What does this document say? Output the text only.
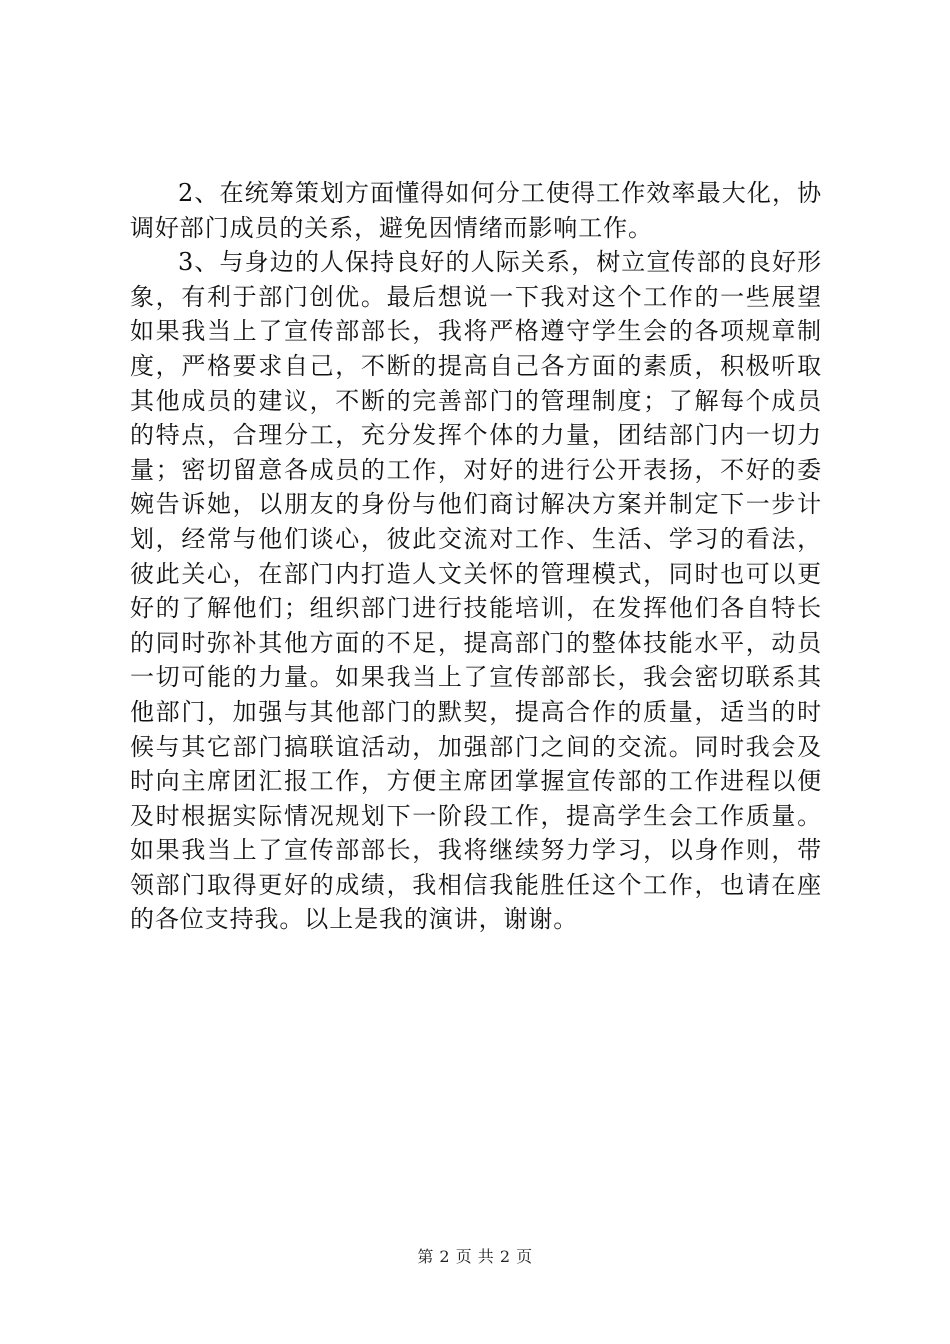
2、在统筹策划方面懂得如何分工使得工作效率最大化，协调好部门成员的关系，避免因情绪而影响工作。

3、与身边的人保持良好的人际关系，树立宣传部的良好形象，有利于部门创优。最后想说一下我对这个工作的一些展望如果我当上了宣传部部长，我将严格遵守学生会的各项规章制度，严格要求自己，不断的提高自己各方面的素质，积极听取其他成员的建议，不断的完善部门的管理制度；了解每个成员的特点，合理分工，充分发挥个体的力量，团结部门内一切力量；密切留意各成员的工作，对好的进行公开表扬，不好的委婉告诉她，以朋友的身份与他们商讨解决方案并制定下一步计划，经常与他们谈心，彼此交流对工作、生活、学习的看法，彼此关心，在部门内打造人文关怀的管理模式，同时也可以更好的了解他们；组织部门进行技能培训，在发挥他们各自特长的同时弥补其他方面的不足，提高部门的整体技能水平，动员一切可能的力量。如果我当上了宣传部部长，我会密切联系其他部门，加强与其他部门的默契，提高合作的质量，适当的时候与其它部门搞联谊活动，加强部门之间的交流。同时我会及时向主席团汇报工作，方便主席团掌握宣传部的工作进程以便及时根据实际情况规划下一阶段工作，提高学生会工作质量。如果我当上了宣传部部长，我将继续努力学习，以身作则，带领部门取得更好的成绩，我相信我能胜任这个工作，也请在座的各位支持我。以上是我的演讲，谢谢。

第 2 页 共 2 页
